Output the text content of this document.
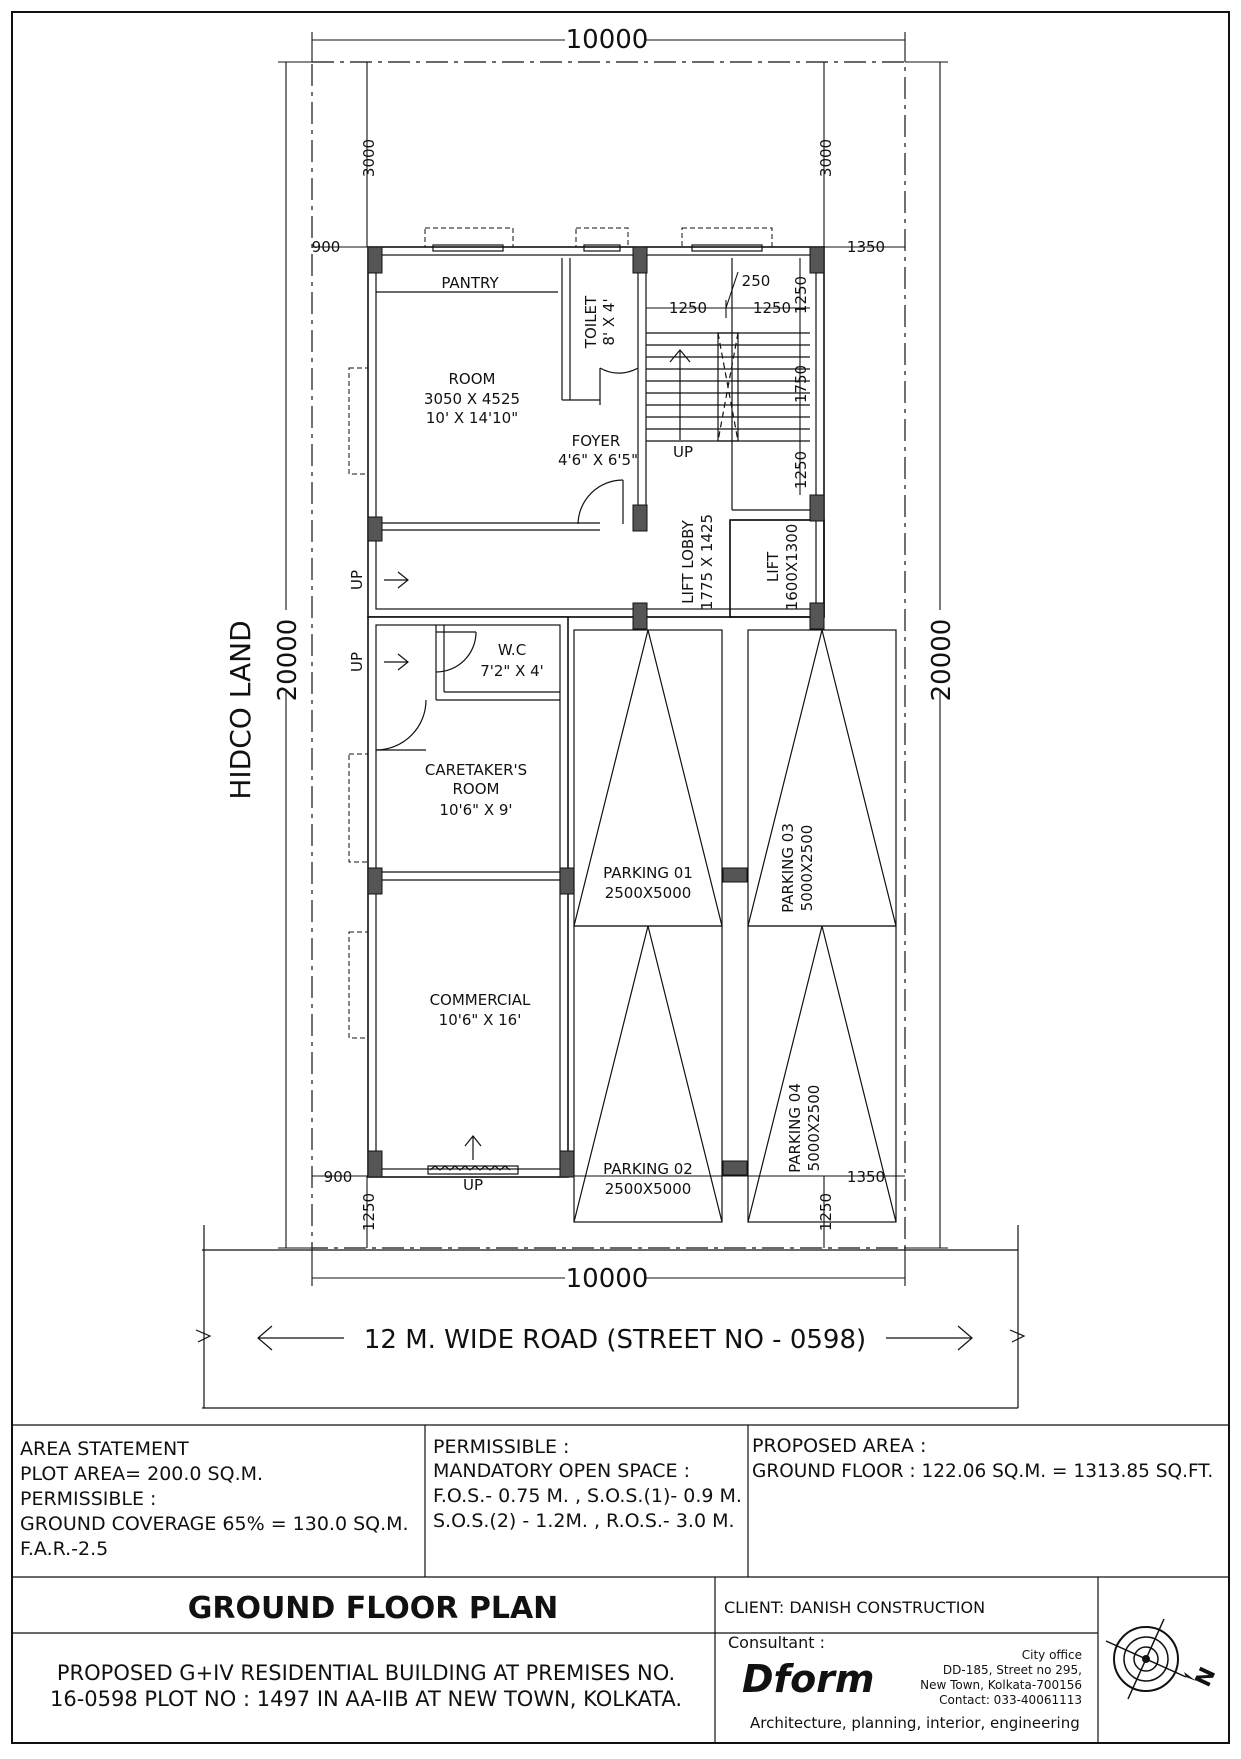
10000
10000
20000	20000
3000	3000
900	1350
900	1350
1250	1250
HIDCO LAND
1250	1250
250 1250
1750
1250
12 M. WIDE ROAD (STREET NO - 0598)
PANTRY
TOILET 8' X 4'
ROOM
3050 X 4525
10' X 14'10"
FOYER
4'6" X 6'5" UP
LIFT LOBBY 1775 X 1425	LIFT 1600X1300
UP
UP
W.C
7'2" X 4'
CARETAKER'S
ROOM
10'6" X 9'
COMMERCIAL
10'6" X 16'
UP
PARKING 01
2500X5000
PARKING 02
2500X5000
PARKING 03 5000X2500
PARKING 04 5000X2500
AREA STATEMENT
PLOT AREA= 200.0 SQ.M.
PERMISSIBLE :
GROUND COVERAGE 65% = 130.0 SQ.M.
F.A.R.-2.5
PERMISSIBLE :
MANDATORY OPEN SPACE :
F.O.S.- 0.75 M. , S.O.S.(1)- 0.9 M.
S.O.S.(2) - 1.2M. , R.O.S.- 3.0 M.
PROPOSED AREA :
GROUND FLOOR : 122.06 SQ.M. = 1313.85 SQ.FT.
GROUND FLOOR PLAN
PROPOSED G+IV RESIDENTIAL BUILDING AT PREMISES NO.
16-0598 PLOT NO : 1497 IN AA-IIB AT NEW TOWN, KOLKATA.
CLIENT: DANISH CONSTRUCTION
Consultant :
Dform
Architecture, planning, interior, engineering
City office
DD-185, Street no 295,
New Town, Kolkata-700156
Contact: 033-40061113
N
